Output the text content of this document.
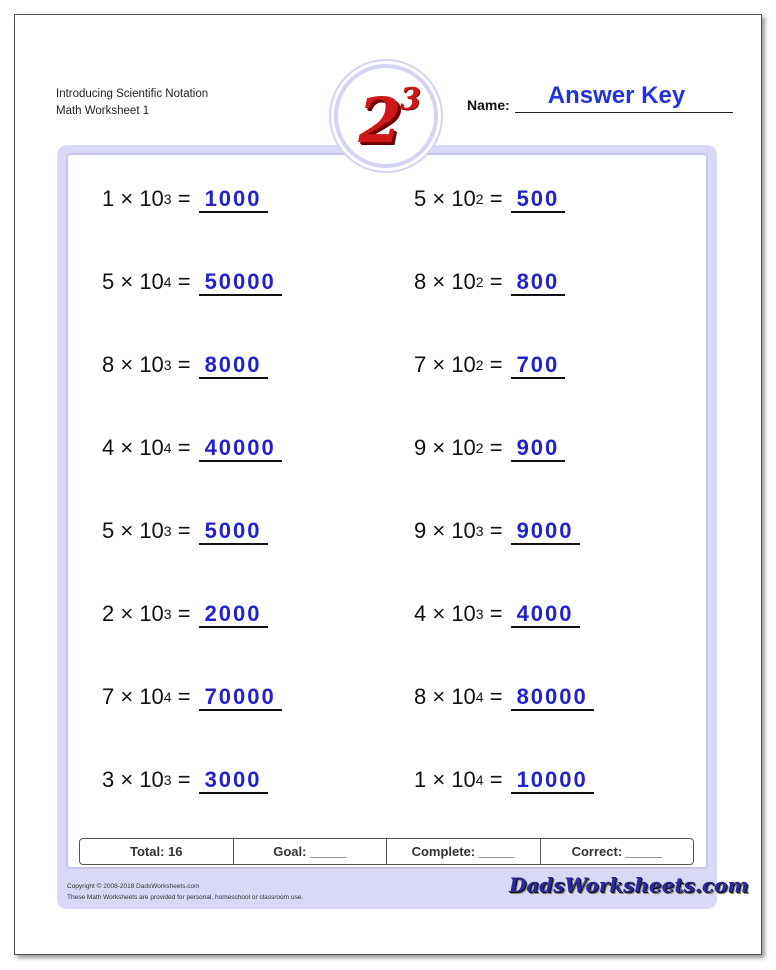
Introducing Scientific Notation
Math Worksheet 1	2
3	Name:	Answer Key
$1 \times 10^3 = 1000$	$5 \times 10^2 = 500$
$5 \times 10^4 = 50000$	$8 \times 10^2 = 800$
$8 \times 10^3 = 8000$	$7 \times 10^2 = 700$
$4 \times 10^4 = 40000$	$9 \times 10^2 = 900$
$5 \times 10^3 = 5000$	$9 \times 10^3 = 9000$
$2 \times 10^3 = 2000$	$4 \times 10^3 = 4000$
$7 \times 10^4 = 70000$	$8 \times 10^4 = 80000$
$3 \times 10^3 = 3000$	$1 \times 10^4 = 10000$
Total: 16	Goal: _____	Complete: _____	Correct: _____
Copyright © 2008-2018 DadsWorksheets.com
These Math Worksheets are provided for personal, homeschool or classroom use.
DadsWorksheets.com
